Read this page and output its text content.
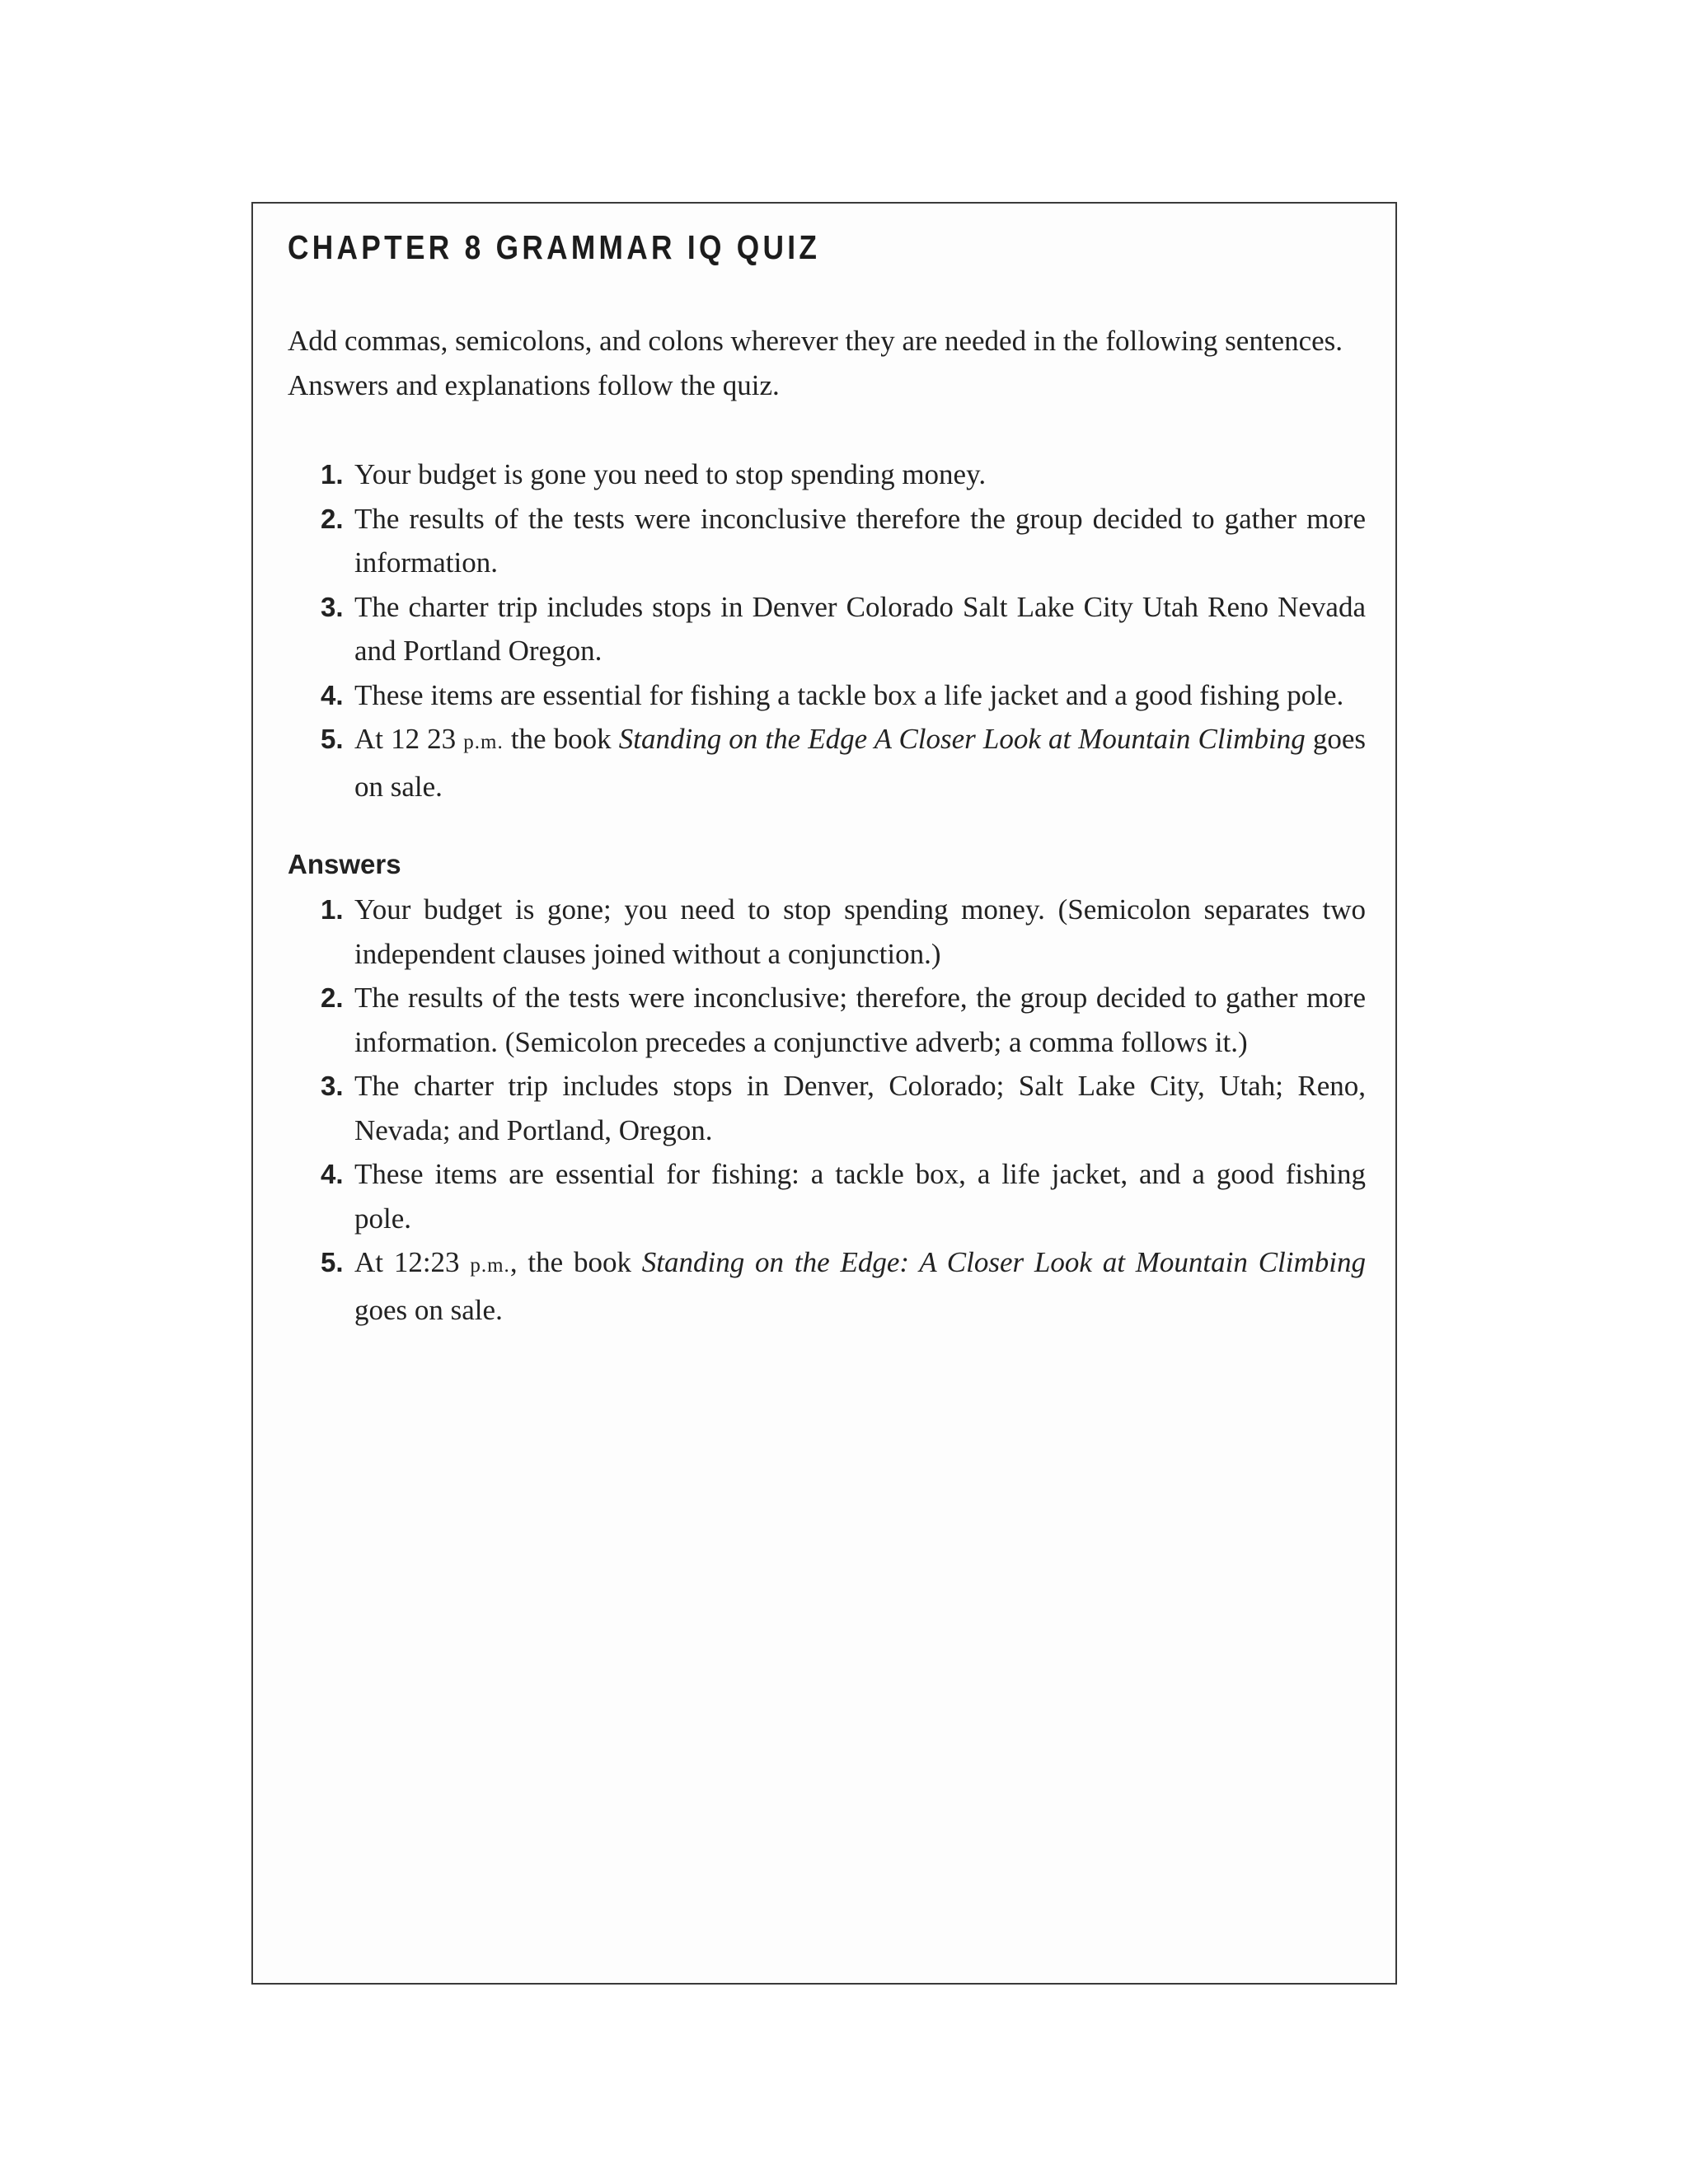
CHAPTER 8 GRAMMAR IQ QUIZ

Add commas, semicolons, and colons wherever they are needed in the following sentences. Answers and explanations follow the quiz.

1. Your budget is gone you need to stop spending money.
2. The results of the tests were inconclusive therefore the group decided to gather more information.
3. The charter trip includes stops in Denver Colorado Salt Lake City Utah Reno Nevada and Portland Oregon.
4. These items are essential for fishing a tackle box a life jacket and a good fishing pole.
5. At 12 23 p.m. the book Standing on the Edge A Closer Look at Mountain Climbing goes on sale.
Answers
1. Your budget is gone; you need to stop spending money. (Semicolon separates two independent clauses joined without a conjunction.)
2. The results of the tests were inconclusive; therefore, the group decided to gather more information. (Semicolon precedes a conjunctive adverb; a comma follows it.)
3. The charter trip includes stops in Denver, Colorado; Salt Lake City, Utah; Reno, Nevada; and Portland, Oregon.
4. These items are essential for fishing: a tackle box, a life jacket, and a good fishing pole.
5. At 12:23 p.m., the book Standing on the Edge: A Closer Look at Mountain Climbing goes on sale.
